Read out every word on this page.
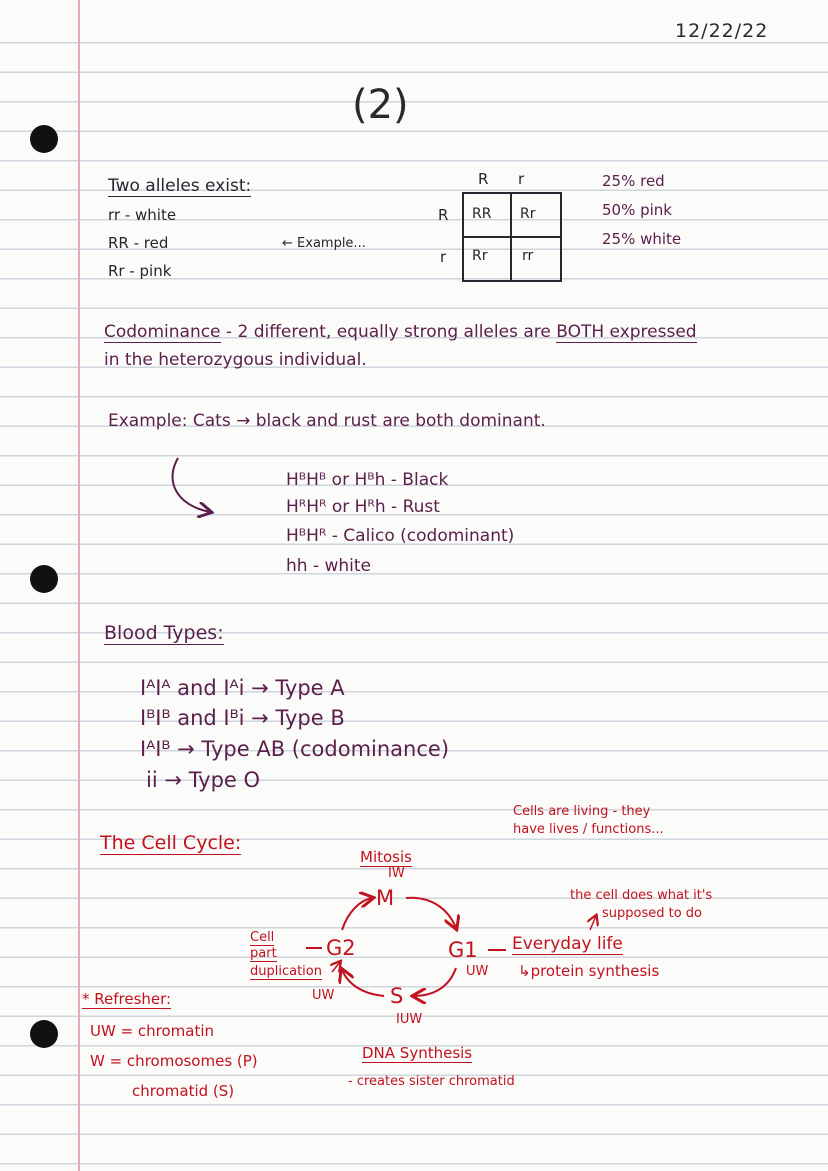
12/22/22
(2)
Two alleles exist:
rr - white
RR - red
Rr - pink
← Example...
R r
R
r
RR Rr
Rr rr
25% red
50% pink
25% white
Codominance - 2 different, equally strong alleles are BOTH expressed
in the heterozygous individual.
Example: Cats → black and rust are both dominant.
HᴮHᴮ or Hᴮh - Black
HᴿHᴿ or Hᴿh - Rust
HᴮHᴿ - Calico (codominant)
hh - white
Blood Types:
IᴬIᴬ and Iᴬi → Type A
IᴮIᴮ and Iᴮi → Type B
IᴬIᴮ → Type AB (codominance)
ii → Type O
The Cell Cycle:
Cells are living - they
have lives / functions...
Mitosis
IW
M
G1
G2
S
UW
UW
IUW
Everyday life
↳protein synthesis
the cell does what it's
supposed to do
Cell
part
duplication
DNA Synthesis
- creates sister chromatid
* Refresher:
UW = chromatin
W = chromosomes (P)
chromatid (S)
